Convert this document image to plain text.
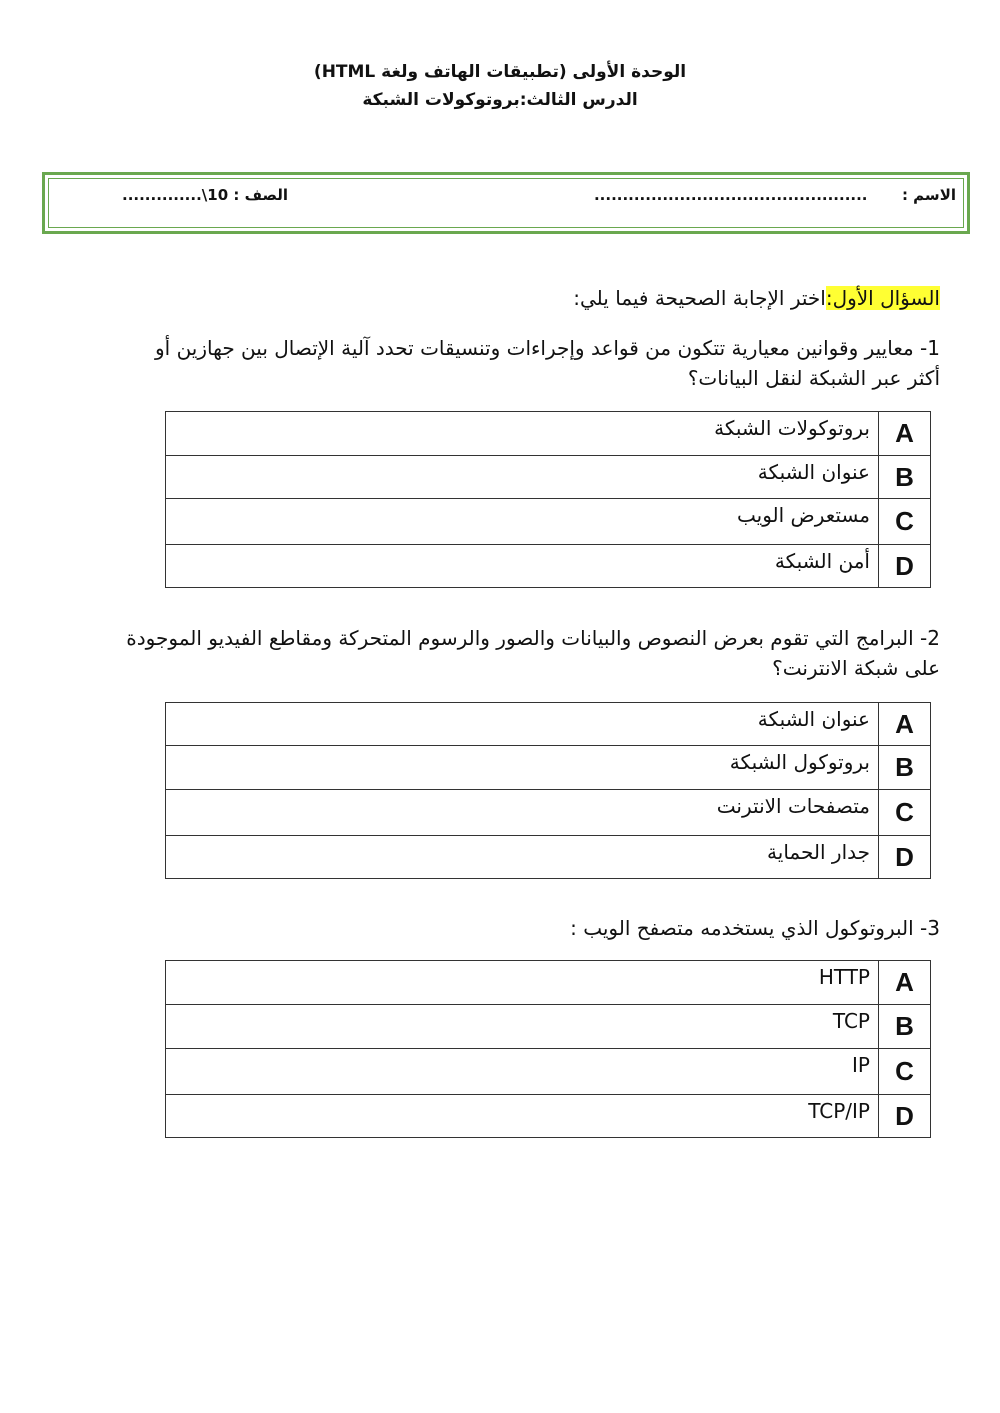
الوحدة الأولى (تطبيقات الهاتف ولغة HTML)
الدرس الثالث:بروتوكولات الشبكة
الاسم :  ................................................
الصف : 10\..............
السؤال الأول:اختر الإجابة الصحيحة فيما يلي:
1- معايير وقوانين معيارية تتكون من قواعد وإجراءات وتنسيقات تحدد آلية الإتصال بين جهازين أو أكثر عبر الشبكة لنقل البيانات؟
بروتوكولات الشبكة	A
عنوان الشبكة	B
مستعرض الويب	C
أمن الشبكة	D
2- البرامج التي تقوم بعرض النصوص والبيانات والصور والرسوم المتحركة ومقاطع الفيديو الموجودة على شبكة الانترنت؟
عنوان الشبكة	A
بروتوكول الشبكة	B
متصفحات الانترنت	C
جدار الحماية	D
3- البروتوكول الذي يستخدمه متصفح الويب :
HTTP	A
TCP	B
IP	C
TCP/IP	D
